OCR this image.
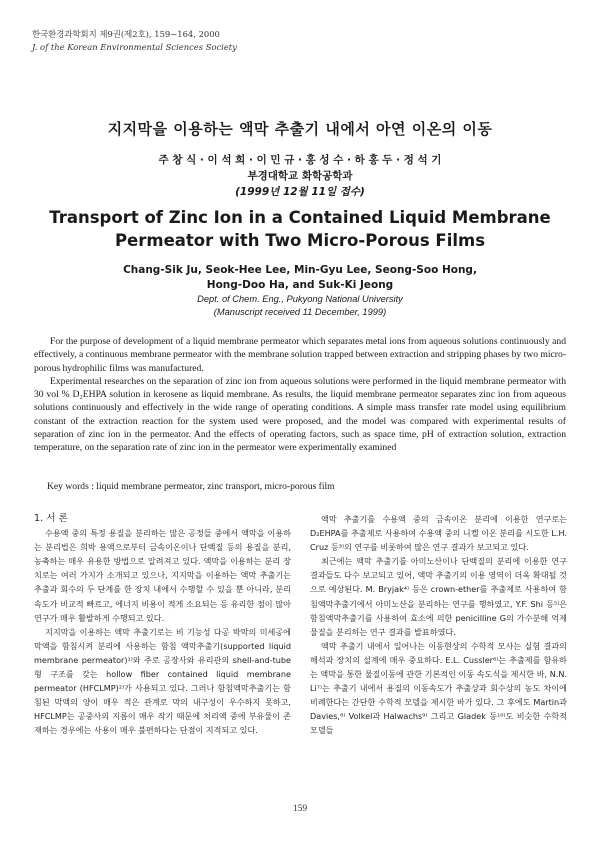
한국환경과학회지 제9권(제2호), 159~164, 2000
J. of the Korean Environmental Sciences Society
지지막을 이용하는 액막 추출기 내에서 아연 이온의 이동
주 창 식 · 이 석 희 · 이 민 규 · 홍 성 수 · 하 홍 두 · 정 석 기
부경대학교 화학공학과
(1999년 12월 11일 접수)
Transport of Zinc Ion in a Contained Liquid Membrane
Permeator with Two Micro-Porous Films
Chang-Sik Ju, Seok-Hee Lee, Min-Gyu Lee, Seong-Soo Hong,
Hong-Doo Ha, and Suk-Ki Jeong
Dept. of Chem. Eng., Pukyong National University
(Manuscript received 11 December, 1999)

For the purpose of development of a liquid membrane permeator which separates metal ions from aqueous solutions continuously and effectively, a continuous membrane permeator with the membrane solution trapped between extraction and stripping phases by two micro-porous hydrophilic films was manufactured.

Experimental researches on the separation of zinc ion from aqueous solutions were performed in the liquid membrane permeator with 30 vol % D₂EHPA solution in kerosene as liquid membrane. As results, the liquid membrane permeator separates zinc ion from aqueous solutions continuously and effectively in the wide range of operating conditions. A simple mass transfer rate model using equilibrium constant of the extraction reaction for the system used were proposed, and the model was compared with experimental results of separation of zinc ion in the permeator. And the effects of operating factors, such as space time, pH of extraction solution, extraction temperature, on the separation rate of zinc ion in the permeator were experimentally examined

Key words : liquid membrane permeator, zinc transport, micro-porous film

1. 서 론

수용액 중의 특정 용질을 분리하는 많은 공정들 중에서 액막을 이용하는 분리법은 희박 용액으로부터 금속이온이나 단백질 등의 용질을 분리, 농축하는 매우 유용한 방법으로 알려져고 있다. 액막을 이용하는 분리 장치로는 여러 가지가 소개되고 있으나, 지지막을 이용하는 액막 추출기는 추출과 회수의 두 단계를 한 장치 내에서 수행할 수 있을 뿐 아니라, 분리 속도가 비교적 빠르고, 에너지 비용이 적게 소요되는 등 유리한 점이 많아 연구가 매우 활발하게 수행되고 있다.

지지막을 이용하는 액막 추출기로는 비 기능성 다공 박막의 미세공에 막액을 함침시켜 분리에 사용하는 함침 액막추출기(supported liquid membrane permeator)¹⁾와 주로 공장사와 유리관의 shell-and-tube 형 구조를 갖는 hollow fiber contained liquid membrane permeator (HFCLMP)²⁾가 사용되고 있다. 그러나 함침액막추출기는 함침된 막액의 양이 매우 적은 관계로 막의 내구성이 우수하지 못하고, HFCLMP는 공중사의 지름이 매우 작기 때문에 처리액 중에 부유물이 존재하는 경우에는 사용이 매우 불편하다는 단점이 지적되고 있다.

액막 추출기를 수용액 중의 금속이온 분리에 이용한 연구로는 D₂EHPA를 추출제로 사용하여 수용액 중의 니켈 이온 분리를 시도한 L.H. Cruz 등³⁾의 연구를 비롯하여 많은 연구 결과가 보고되고 있다.

최근에는 액막 추출기를 아미노산이나 단백질의 분리에 이용한 연구 결과들도 다수 보고되고 있어, 액막 추출기의 이용 영역이 더욱 확대될 것으로 예상된다. M. Bryjak⁴⁾ 등은 crown-ether를 추출제로 사용하여 함침액막추출기에서 아미노산을 분리하는 연구를 행하였고, Y.F. Shi 등⁵⁾은 함침액막추출기를 사용하여 효소에 의한 penicilline G의 가수분해 억제물질을 분리하는 연구 결과를 발표하였다.

액막 추출기 내에서 일어나는 이동현상의 수학적 모사는 실험 결과의 해석과 장치의 설계에 매우 중요하다. E.L. Cussler⁶⁾는 추출제를 함유하는 액막을 통한 물질이동에 관한 기본적인 이동 속도식을 제시한 바, N.N. Li⁷⁾는 추출기 내에서 용질의 이동속도가 추출상과 회수상의 농도 차이에 비례한다는 간단한 수학적 모델을 제시한 바가 있다. 그 후에도 Martin과 Davies,⁸⁾ Volkel과 Halwachs⁹⁾ 그리고 Gladek 등¹⁰⁾도 비슷한 수학적 모델들

159
